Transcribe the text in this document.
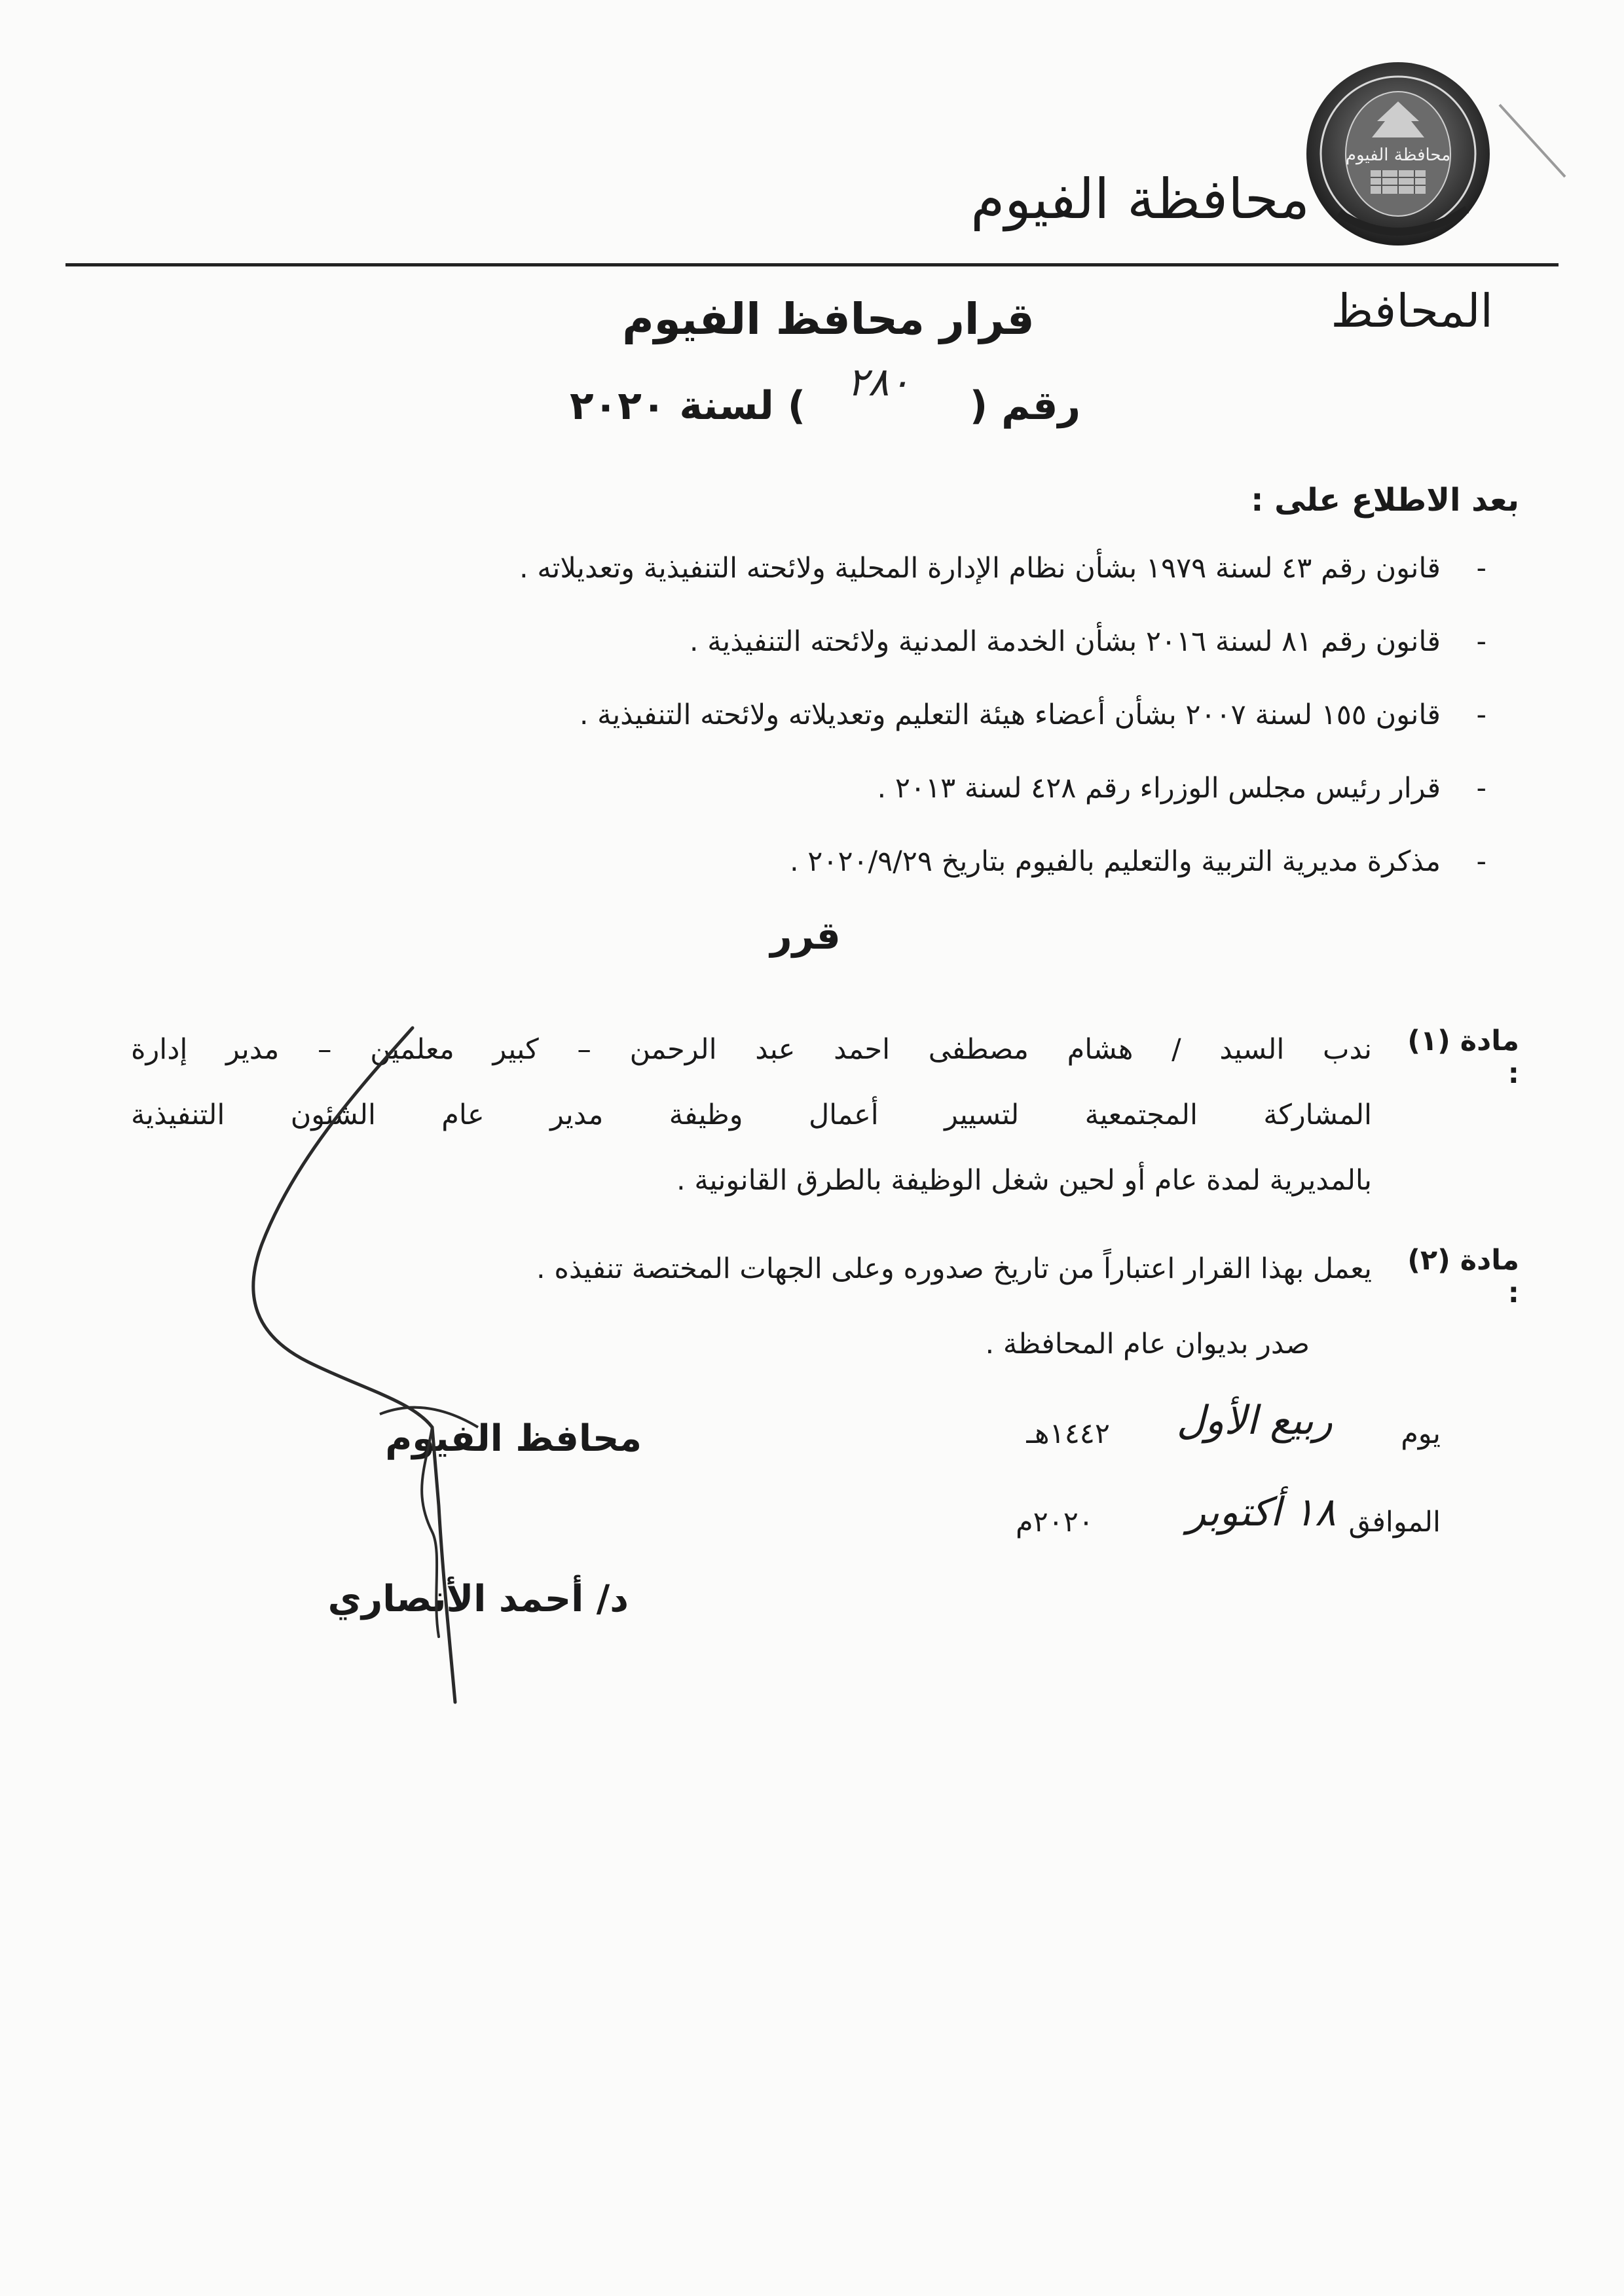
محافظة الفيوم
محافظة الفيوم
المحافظ
قرار محافظ الفيوم
رقم (
٢٨٠
) لسنة ٢٠٢٠
بعد الاطلاع على :
-
قانون رقم ٤٣ لسنة ١٩٧٩ بشأن نظام الإدارة المحلية ولائحته التنفيذية وتعديلاته .
-
قانون رقم ٨١ لسنة ٢٠١٦ بشأن الخدمة المدنية ولائحته التنفيذية .
-
قانون ١٥٥ لسنة ٢٠٠٧ بشأن أعضاء هيئة التعليم وتعديلاته ولائحته التنفيذية .
-
قرار رئيس مجلس الوزراء رقم ٤٢٨ لسنة ٢٠١٣ .
-
مذكرة مديرية التربية والتعليم بالفيوم بتاريخ ٢٠٢٠/٩/٢٩ .
قرر
مادة (١) :
ندب السيد / هشام مصطفى احمد عبد الرحمن – كبير معلمين – مدير إدارة
المشاركة المجتمعية لتسيير أعمال وظيفة مدير عام الشئون التنفيذية
بالمديرية لمدة عام أو لحين شغل الوظيفة بالطرق القانونية .
مادة (٢) :
يعمل بهذا القرار اعتباراً من تاريخ صدوره وعلى الجهات المختصة تنفيذه .
صدر بديوان عام المحافظة .
يوم
ربيع الأول
١٤٤٢هـ
الموافق
١٨ أكتوبر
٢٠٢٠م
محافظ الفيوم
د/ أحمد الأنصاري
